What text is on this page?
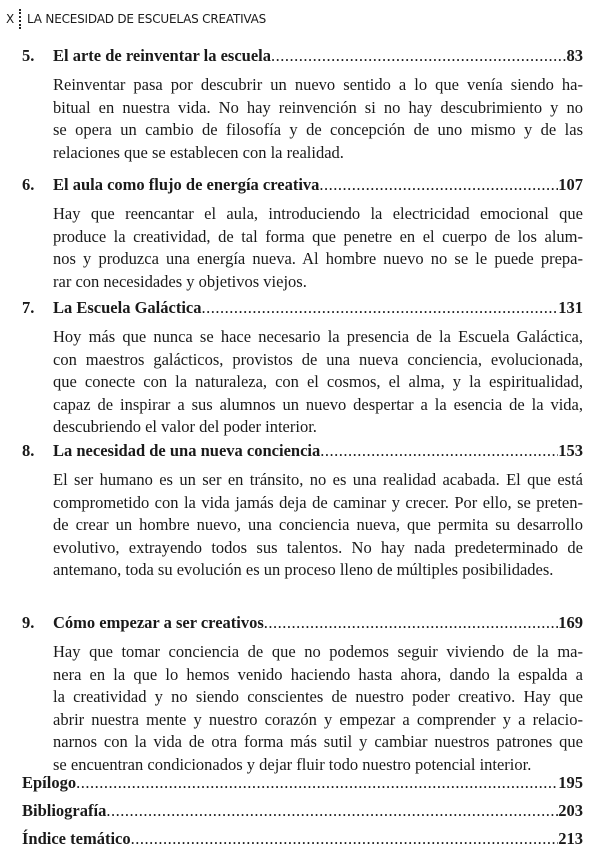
X LA NECESIDAD DE ESCUELAS CREATIVAS
5.	El arte de reinventar la escuela .....	83
Reinventar pasa por descubrir un nuevo sentido a lo que venía siendo ha-
bitual en nuestra vida. No hay reinvención si no hay descubrimiento y no
se opera un cambio de filosofía y de concepción de uno mismo y de las
relaciones que se establecen con la realidad.
6.	El aula como flujo de energía creativa .....	107
Hay que reencantar el aula, introduciendo la electricidad emocional que
produce la creatividad, de tal forma que penetre en el cuerpo de los alum-
nos y produzca una energía nueva. Al hombre nuevo no se le puede prepa-
rar con necesidades y objetivos viejos.
7.	La Escuela Galáctica .....	131
Hoy más que nunca se hace necesario la presencia de la Escuela Galáctica,
con maestros galácticos, provistos de una nueva conciencia, evolucionada,
que conecte con la naturaleza, con el cosmos, el alma, y la espiritualidad,
capaz de inspirar a sus alumnos un nuevo despertar a la esencia de la vida,
descubriendo el valor del poder interior.
8.	La necesidad de una nueva conciencia .....	153
El ser humano es un ser en tránsito, no es una realidad acabada. El que está
comprometido con la vida jamás deja de caminar y crecer. Por ello, se preten-
de crear un hombre nuevo, una conciencia nueva, que permita su desarrollo
evolutivo, extrayendo todos sus talentos. No hay nada predeterminado de
antemano, toda su evolución es un proceso lleno de múltiples posibilidades.
9.	Cómo empezar a ser creativos .....	169
Hay que tomar conciencia de que no podemos seguir viviendo de la ma-
nera en la que lo hemos venido haciendo hasta ahora, dando la espalda a
la creatividad y no siendo conscientes de nuestro poder creativo. Hay que
abrir nuestra mente y nuestro corazón y empezar a comprender y a relacio-
narnos con la vida de otra forma más sutil y cambiar nuestros patrones que
se encuentran condicionados y dejar fluir todo nuestro potencial interior.
Epílogo .....	195
Bibliografía .....	203
Índice temático .....	213
